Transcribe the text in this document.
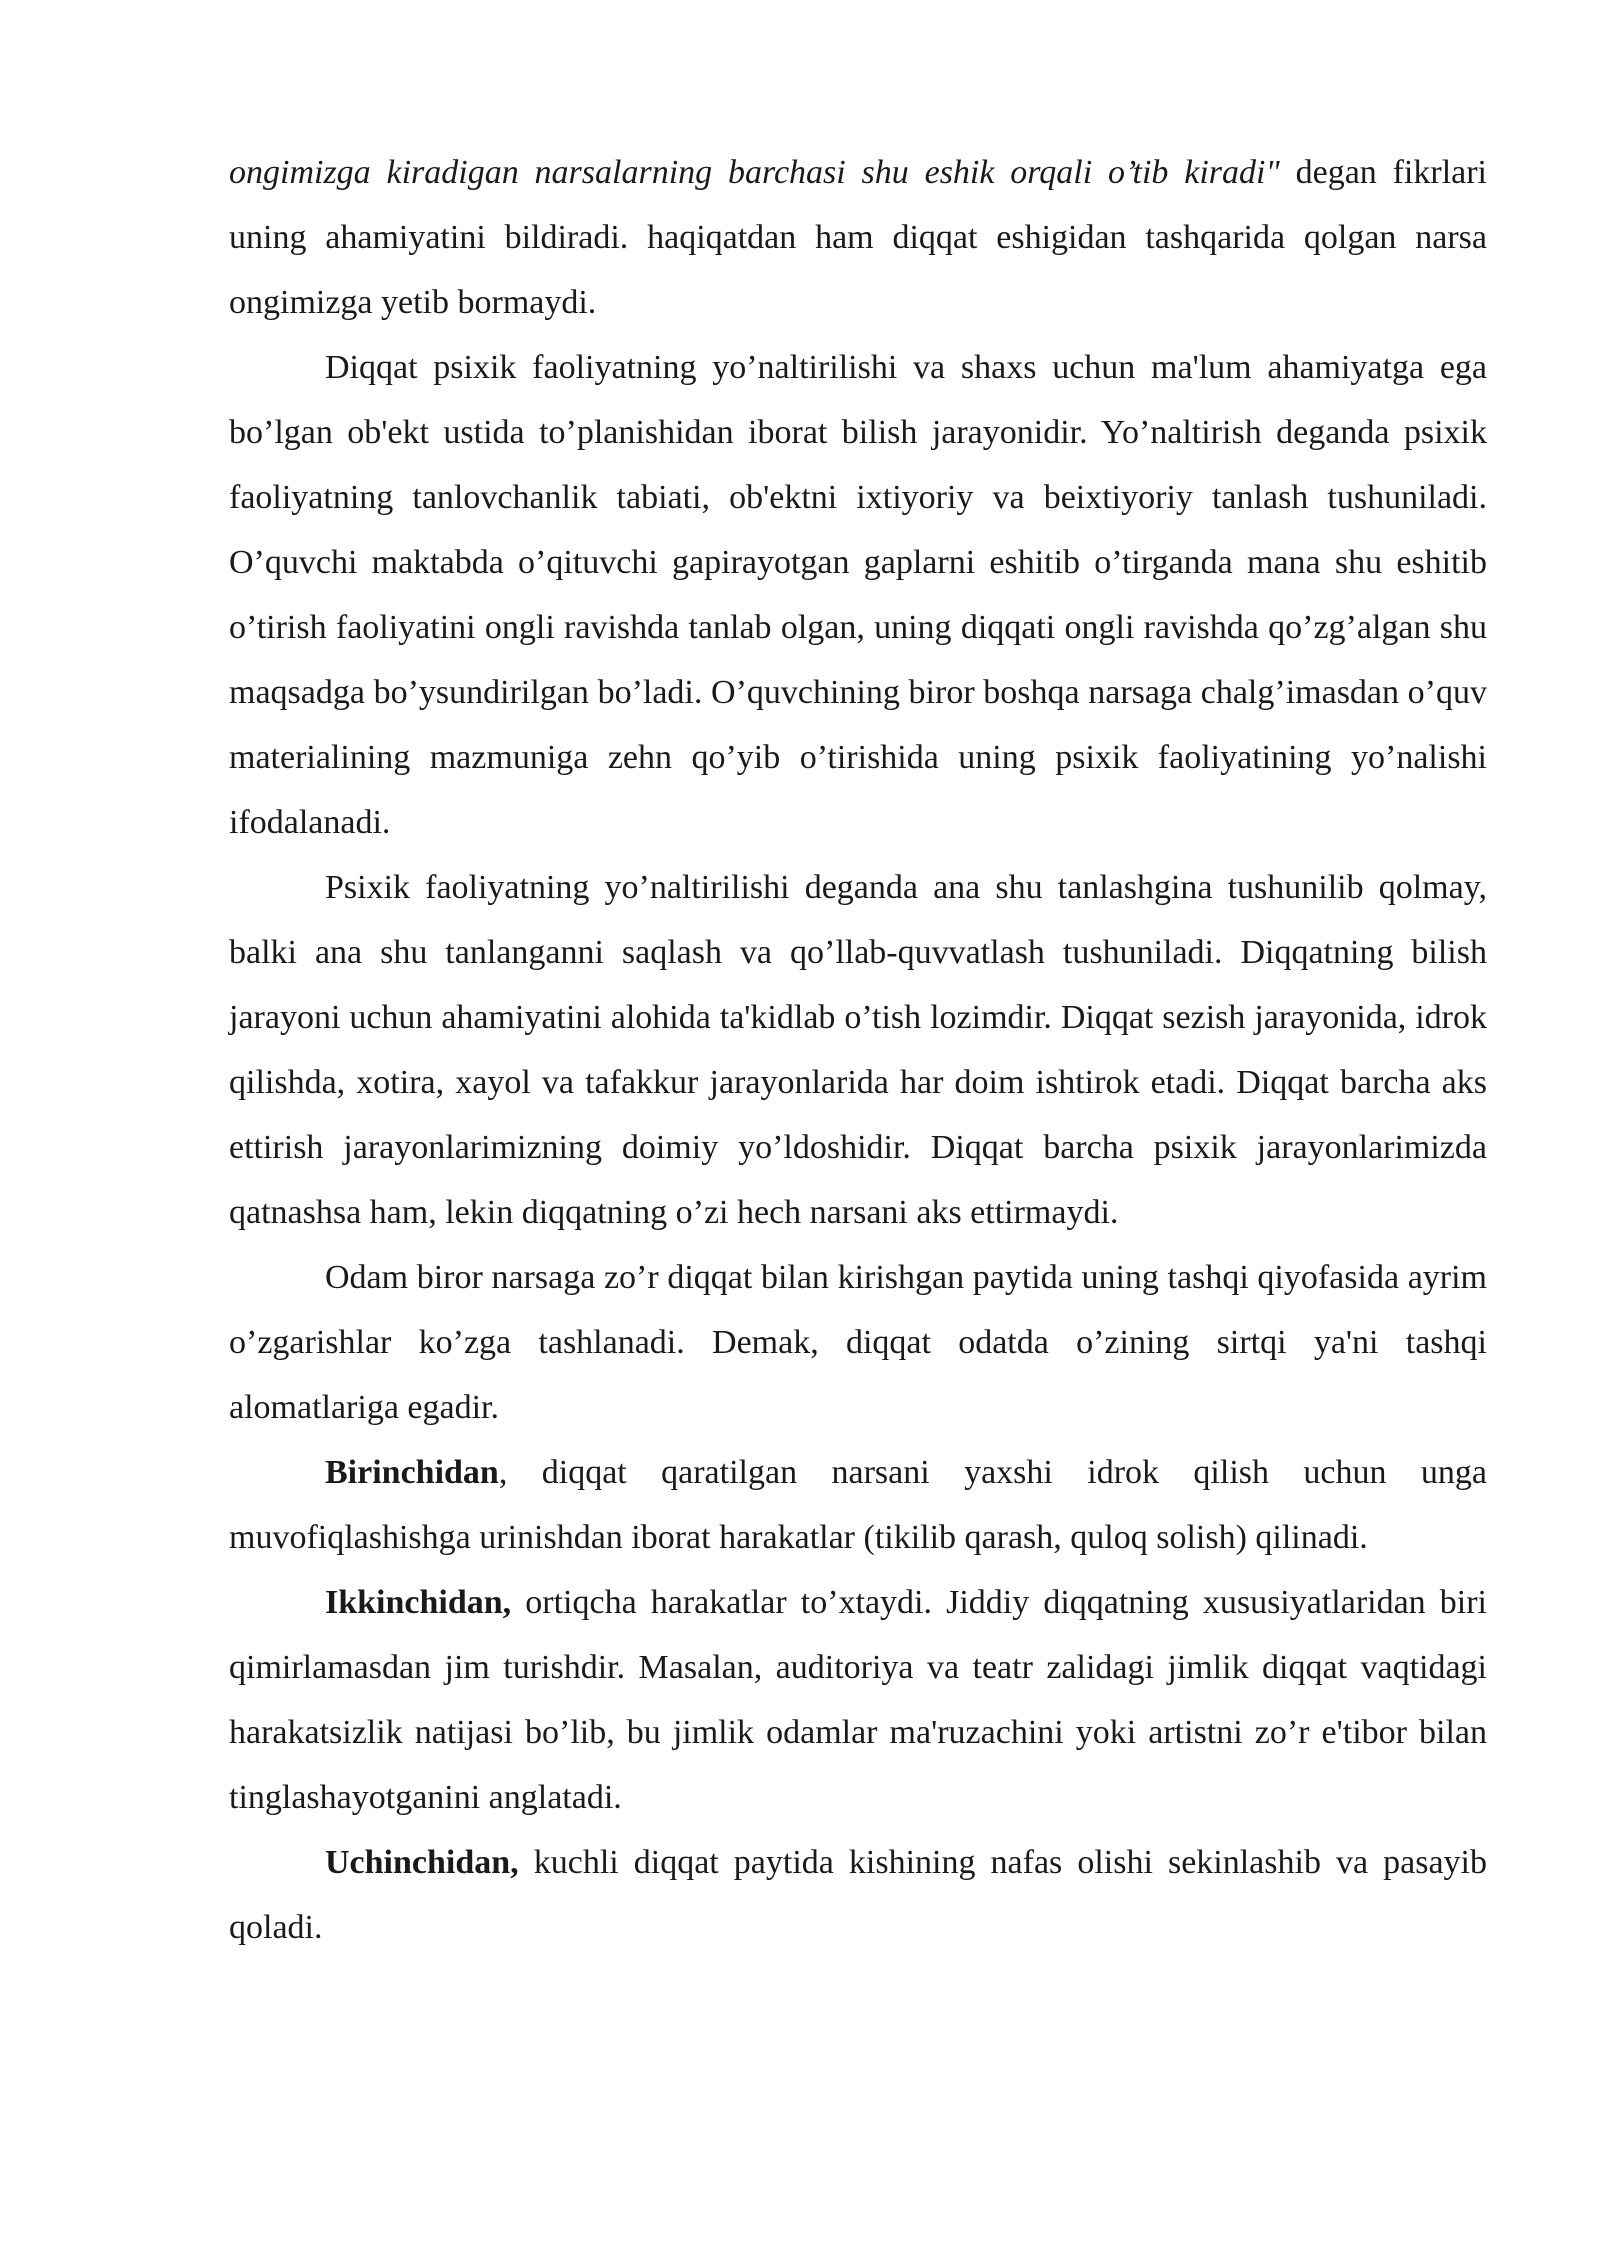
ongimizga kiradigan narsalarning barchasi shu eshik orqali o’tib kiradi" degan fikrlari uning ahamiyatini bildiradi. haqiqatdan ham diqqat eshigidan tashqarida qolgan narsa ongimizga yetib bormaydi.

Diqqat psixik faoliyatning yo’naltirilishi va shaxs uchun ma'lum ahamiyatga ega bo’lgan ob'ekt ustida to’planishidan iborat bilish jarayonidir. Yo’naltirish deganda psixik faoliyatning tanlovchanlik tabiati, ob'ektni ixtiyoriy va beixtiyoriy tanlash tushuniladi. O’quvchi maktabda o’qituvchi gapirayotgan gaplarni eshitib o’tirganda mana shu eshitib o’tirish faoliyatini ongli ravishda tanlab olgan, uning diqqati ongli ravishda qo’zg’algan shu maqsadga bo’ysundirilgan bo’ladi. O’quvchining biror boshqa narsaga chalg’imasdan o’quv materialining mazmuniga zehn qo’yib o’tirishida uning psixik faoliyatining yo’nalishi ifodalanadi.

Psixik faoliyatning yo’naltirilishi deganda ana shu tanlashgina tushunilib qolmay, balki ana shu tanlanganni saqlash va qo’llab-quvvatlash tushuniladi. Diqqatning bilish jarayoni uchun ahamiyatini alohida ta'kidlab o’tish lozimdir. Diqqat sezish jarayonida, idrok qilishda, xotira, xayol va tafakkur jarayonlarida har doim ishtirok etadi. Diqqat barcha aks ettirish jarayonlarimizning doimiy yo’ldoshidir. Diqqat barcha psixik jarayonlarimizda qatnashsa ham, lekin diqqatning o’zi hech narsani aks ettirmaydi.

Odam biror narsaga zo’r diqqat bilan kirishgan paytida uning tashqi qiyofasida ayrim o’zgarishlar ko’zga tashlanadi. Demak, diqqat odatda o’zining sirtqi ya'ni tashqi alomatlariga egadir.

Birinchidan, diqqat qaratilgan narsani yaxshi idrok qilish uchun unga muvofiqlashishga urinishdan iborat harakatlar (tikilib qarash, quloq solish) qilinadi.

Ikkinchidan, ortiqcha harakatlar to’xtaydi. Jiddiy diqqatning xususiyatlaridan biri qimirlamasdan jim turishdir. Masalan, auditoriya va teatr zalidagi jimlik diqqat vaqtidagi harakatsizlik natijasi bo’lib, bu jimlik odamlar ma'ruzachini yoki artistni zo’r e'tibor bilan tinglashayotganini anglatadi.

Uchinchidan, kuchli diqqat paytida kishining nafas olishi sekinlashib va pasayib qoladi.
